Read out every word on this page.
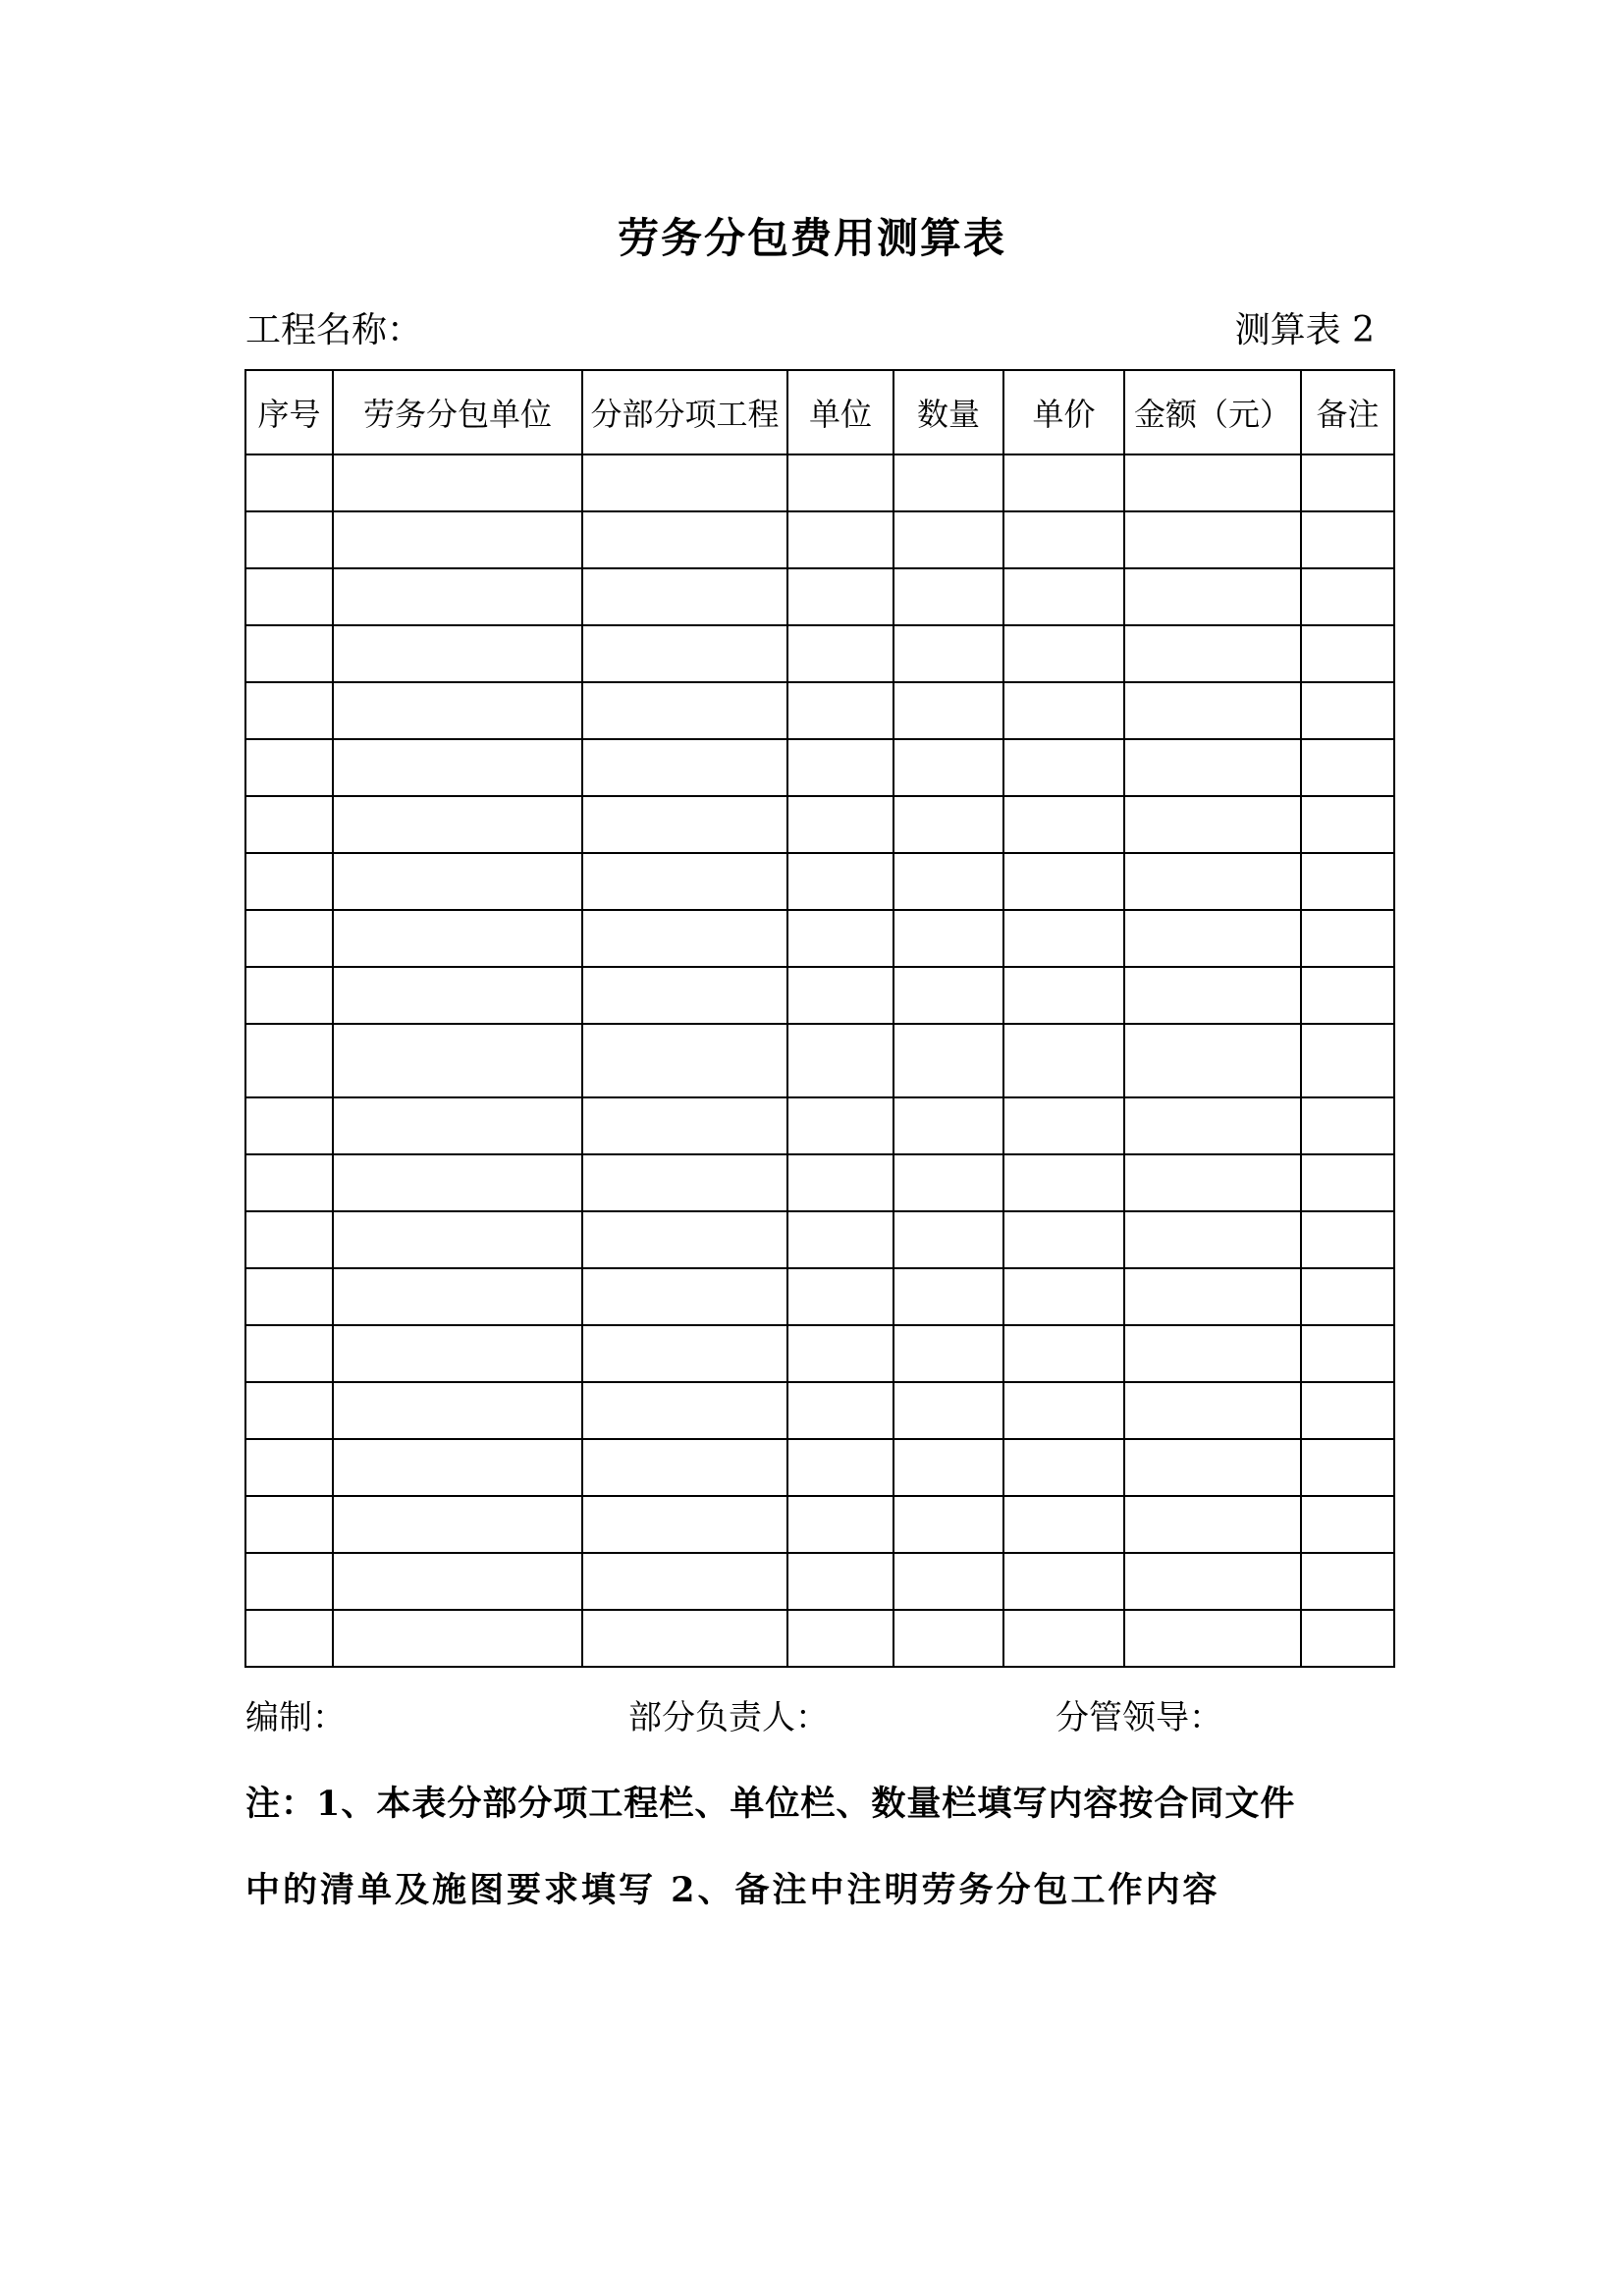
劳务分包费用测算表
工程名称：	测算表 2
序号	劳务分包单位	分部分项工程	单位	数量	单价	金额（元）	备注

编制：	部分负责人：	分管领导：
注：1、本表分部分项工程栏、单位栏、数量栏填写内容按合同文件
中的清单及施图要求填写 2、备注中注明劳务分包工作内容
